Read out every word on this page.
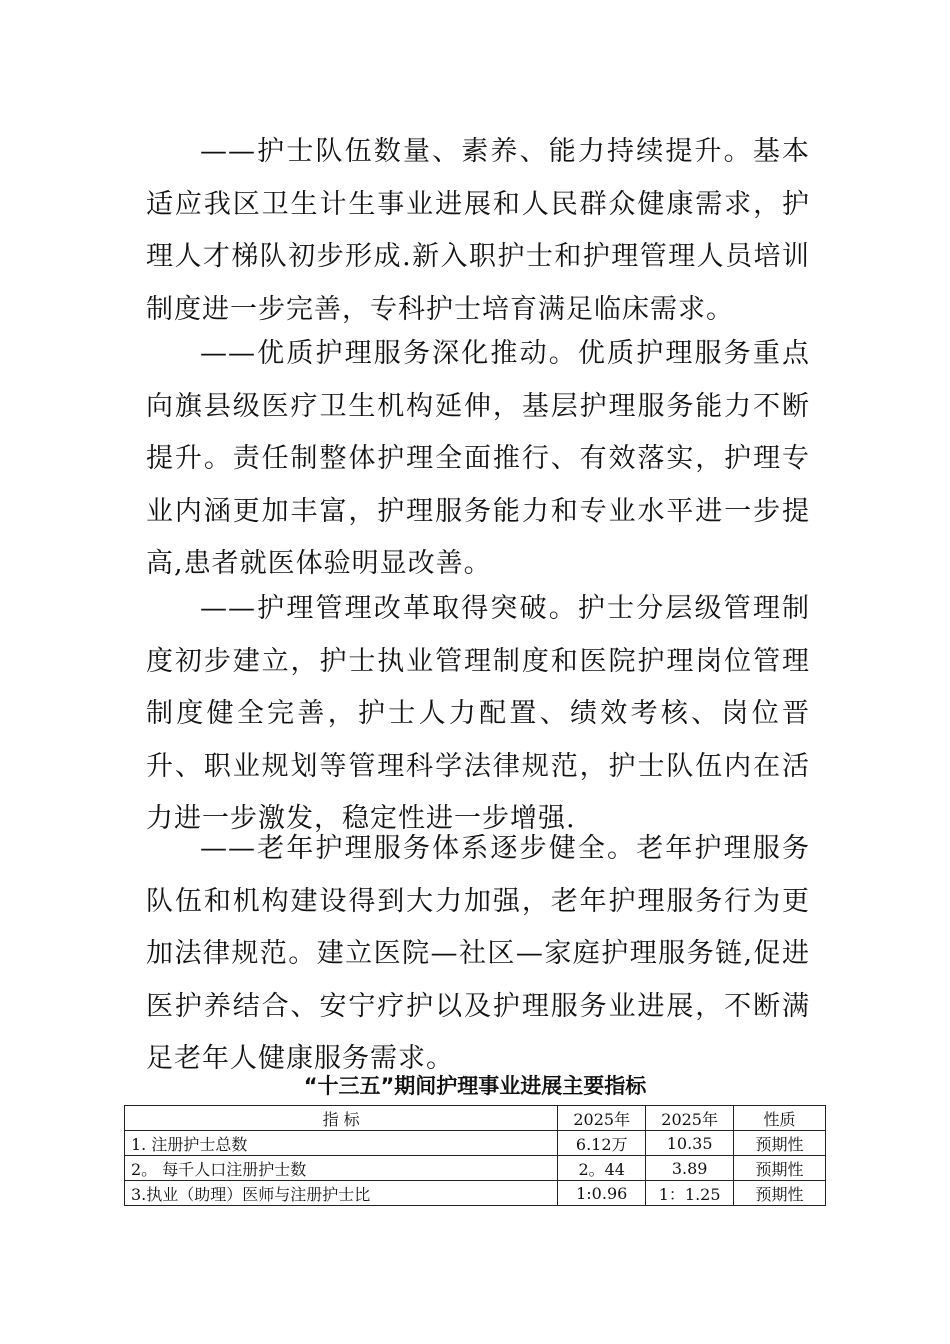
——护士队伍数量、素养、能力持续提升。基本适应我区卫生计生事业进展和人民群众健康需求，护理人才梯队初步形成.新入职护士和护理管理人员培训制度进一步完善，专科护士培育满足临床需求。

——优质护理服务深化推动。优质护理服务重点向旗县级医疗卫生机构延伸，基层护理服务能力不断提升。责任制整体护理全面推行、有效落实，护理专业内涵更加丰富，护理服务能力和专业水平进一步提高,患者就医体验明显改善。

——护理管理改革取得突破。护士分层级管理制度初步建立，护士执业管理制度和医院护理岗位管理制度健全完善，护士人力配置、绩效考核、岗位晋升、职业规划等管理科学法律规范，护士队伍内在活力进一步激发，稳定性进一步增强.

——老年护理服务体系逐步健全。老年护理服务队伍和机构建设得到大力加强，老年护理服务行为更加法律规范。建立医院—社区—家庭护理服务链,促进医护养结合、安宁疗护以及护理服务业进展，不断满足老年人健康服务需求。

“十三五”期间护理事业进展主要指标

指 标	2025年	2025年	性质
1. 注册护士总数	6.12万	10.35	预期性
2。 每千人口注册护士数	2。44	3.89	预期性
3.执业（助理）医师与注册护士比	1:0.96	1：1.25	预期性
